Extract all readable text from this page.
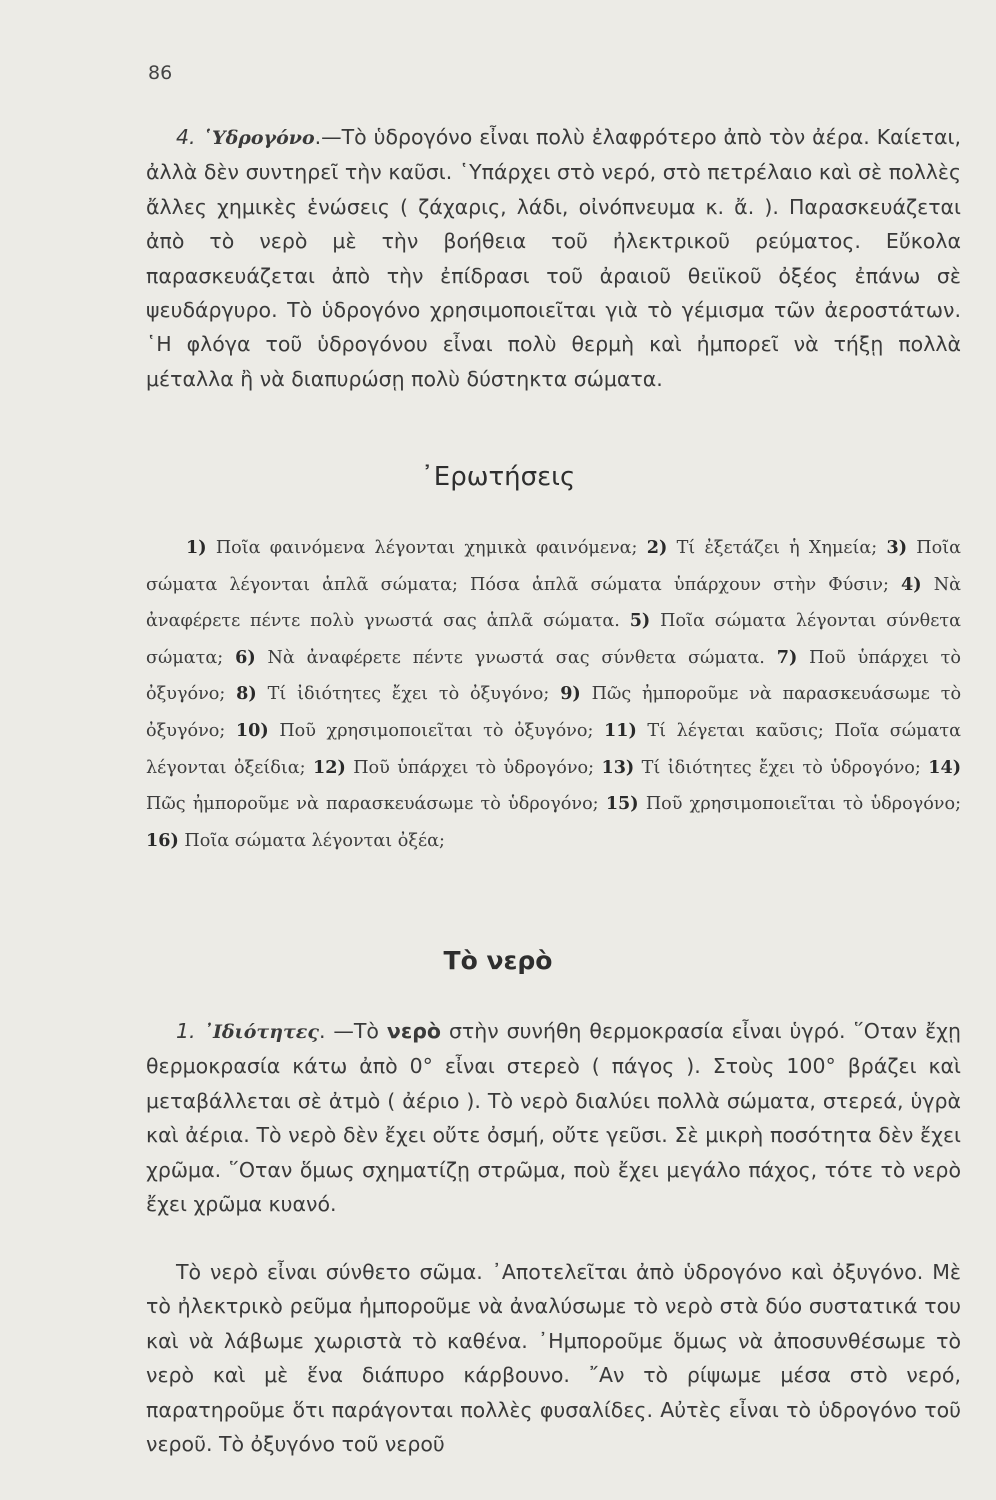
86
4. ῾Υδρογόνο.—Τὸ ὑδρογόνο εἶναι πολὺ ἐλαφρότερο ἀπὸ τὸν ἀέρα. Καίεται, ἀλλὰ δὲν συντηρεῖ τὴν καῦσι. ῾Υπάρχει στὸ νερό, στὸ πετρέλαιο καὶ σὲ πολλὲς ἄλλες χημικὲς ἑνώσεις ( ζάχαρις, λάδι, οἰνόπνευμα κ. ἄ. ). Παρασκευάζεται ἀπὸ τὸ νερὸ μὲ τὴν βοήθεια τοῦ ἠλεκτρικοῦ ρεύματος. Εὔκολα παρασκευάζεται ἀπὸ τὴν ἐπίδρασι τοῦ ἀραιοῦ θειϊκοῦ ὀξέος ἐπάνω σὲ ψευδάργυρο. Τὸ ὑδρογόνο χρησιμοποιεῖται γιὰ τὸ γέμισμα τῶν ἀεροστάτων. ῾Η φλόγα τοῦ ὑδρογόνου εἶναι πολὺ θερμὴ καὶ ἠμπορεῖ νὰ τήξῃ πολλὰ μέταλλα ἢ νὰ διαπυρώσῃ πολὺ δύστηκτα σώματα.
᾿Ερωτήσεις
1) Ποῖα φαινόμενα λέγονται χημικὰ φαινόμενα; 2) Τί ἐξετάζει ἡ Χημεία; 3) Ποῖα σώματα λέγονται ἁπλᾶ σώματα; Πόσα ἁπλᾶ σώματα ὑπάρχουν στὴν Φύσιν; 4) Νὰ ἀναφέρετε πέντε πολὺ γνωστά σας ἁπλᾶ σώματα. 5) Ποῖα σώματα λέγονται σύνθετα σώματα; 6) Νὰ ἀναφέρετε πέντε γνωστά σας σύνθετα σώματα. 7) Ποῦ ὑπάρχει τὸ ὀξυγόνο; 8) Τί ἰδιότητες ἔχει τὸ ὀξυγόνο; 9) Πῶς ἠμποροῦμε νὰ παρασκευάσωμε τὸ ὀξυγόνο; 10) Ποῦ χρησιμοποιεῖται τὸ ὀξυγόνο; 11) Τί λέγεται καῦσις; Ποῖα σώματα λέγονται ὀξείδια; 12) Ποῦ ὑπάρχει τὸ ὑδρογόνο; 13) Τί ἰδιότητες ἔχει τὸ ὑδρογόνο; 14) Πῶς ἠμποροῦμε νὰ παρασκευάσωμε τὸ ὑδρογόνο; 15) Ποῦ χρησιμοποιεῖται τὸ ὑδρογόνο; 16) Ποῖα σώματα λέγονται ὀξέα;
Τὸ νερὸ
1. ᾿Ιδιότητες. —Τὸ νερὸ στὴν συνήθη θερμοκρασία εἶναι ὑγρό. ῞Οταν ἔχῃ θερμοκρασία κάτω ἀπὸ 0° εἶναι στερεὸ ( πάγος ). Στοὺς 100° βράζει καὶ μεταβάλλεται σὲ ἀτμὸ ( ἀέριο ). Τὸ νερὸ διαλύει πολλὰ σώματα, στερεά, ὑγρὰ καὶ ἀέρια. Τὸ νερὸ δὲν ἔχει οὔτε ὀσμή, οὔτε γεῦσι. Σὲ μικρὴ ποσότητα δὲν ἔχει χρῶμα. ῞Οταν ὅμως σχηματίζῃ στρῶμα, ποὺ ἔχει μεγάλο πάχος, τότε τὸ νερὸ ἔχει χρῶμα κυανό.
Τὸ νερὸ εἶναι σύνθετο σῶμα. ᾿Αποτελεῖται ἀπὸ ὑδρογόνο καὶ ὀξυγόνο. Μὲ τὸ ἠλεκτρικὸ ρεῦμα ἠμποροῦμε νὰ ἀναλύσωμε τὸ νερὸ στὰ δύο συστατικά του καὶ νὰ λάβωμε χωριστὰ τὸ καθένα. ᾿Ημποροῦμε ὅμως νὰ ἀποσυνθέσωμε τὸ νερὸ καὶ μὲ ἕνα διάπυρο κάρβουνο. ῎Αν τὸ ρίψωμε μέσα στὸ νερό, παρατηροῦμε ὅτι παράγονται πολλὲς φυσαλίδες. Αὐτὲς εἶναι τὸ ὑδρογόνο τοῦ νεροῦ. Τὸ ὀξυγόνο τοῦ νεροῦ
